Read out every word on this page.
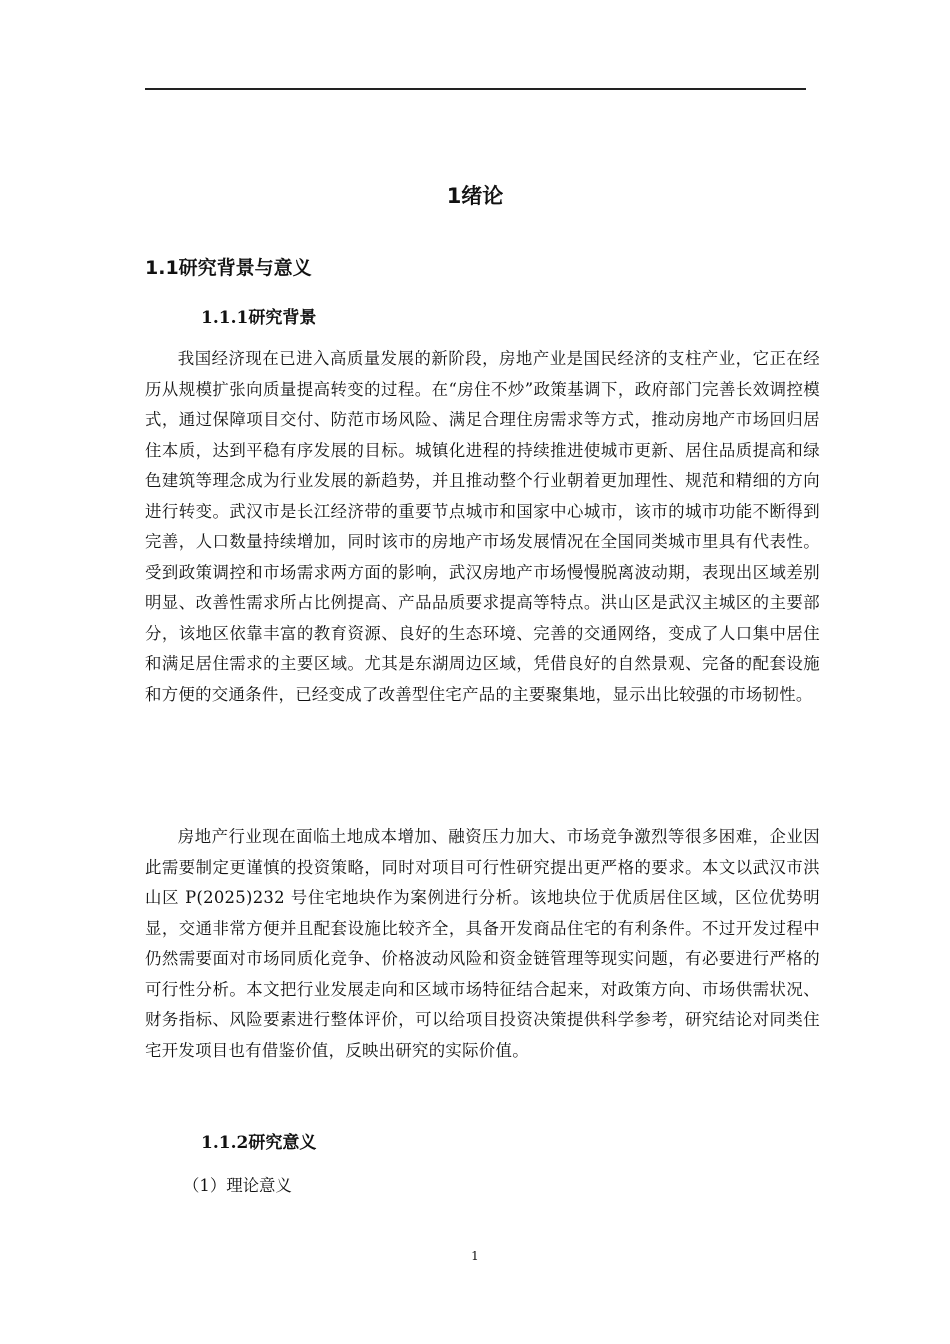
1绪论
1.1研究背景与意义
1.1.1研究背景

我国经济现在已进入高质量发展的新阶段，房地产业是国民经济的支柱产业，它正在经历从规模扩张向质量提高转变的过程。在“房住不炒”政策基调下，政府部门完善长效调控模式，通过保障项目交付、防范市场风险、满足合理住房需求等方式，推动房地产市场回归居住本质，达到平稳有序发展的目标。城镇化进程的持续推进使城市更新、居住品质提高和绿色建筑等理念成为行业发展的新趋势，并且推动整个行业朝着更加理性、规范和精细的方向进行转变。武汉市是长江经济带的重要节点城市和国家中心城市，该市的城市功能不断得到完善，人口数量持续增加，同时该市的房地产市场发展情况在全国同类城市里具有代表性。受到政策调控和市场需求两方面的影响，武汉房地产市场慢慢脱离波动期，表现出区域差别明显、改善性需求所占比例提高、产品品质要求提高等特点。洪山区是武汉主城区的主要部分，该地区依靠丰富的教育资源、良好的生态环境、完善的交通网络，变成了人口集中居住和满足居住需求的主要区域。尤其是东湖周边区域，凭借良好的自然景观、完备的配套设施和方便的交通条件，已经变成了改善型住宅产品的主要聚集地，显示出比较强的市场韧性。

房地产行业现在面临土地成本增加、融资压力加大、市场竞争激烈等很多困难，企业因此需要制定更谨慎的投资策略，同时对项目可行性研究提出更严格的要求。本文以武汉市洪山区 P(2025)232 号住宅地块作为案例进行分析。该地块位于优质居住区域，区位优势明显，交通非常方便并且配套设施比较齐全，具备开发商品住宅的有利条件。不过开发过程中仍然需要面对市场同质化竞争、价格波动风险和资金链管理等现实问题，有必要进行严格的可行性分析。本文把行业发展走向和区域市场特征结合起来，对政策方向、市场供需状况、财务指标、风险要素进行整体评价，可以给项目投资决策提供科学参考，研究结论对同类住宅开发项目也有借鉴价值，反映出研究的实际价值。

1.1.2研究意义

（1）理论意义

1
